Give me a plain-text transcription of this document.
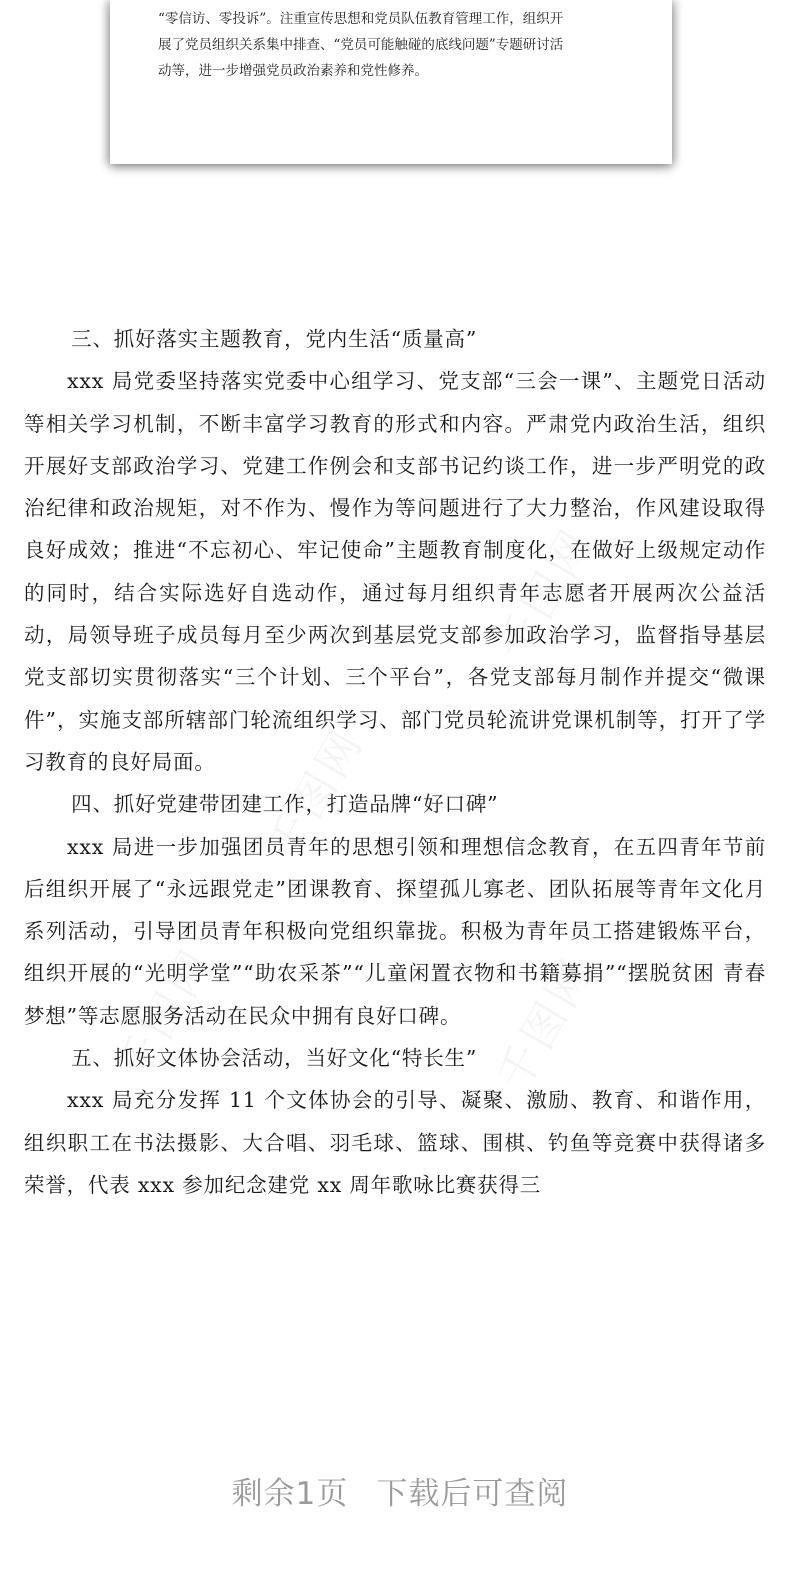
“零信访、零投诉”。注重宣传思想和党员队伍教育管理工作，组织开

展了党员组织关系集中排查、“党员可能触碰的底线问题”专题研讨活

动等，进一步增强党员政治素养和党性修养。

三、抓好落实主题教育，党内生活“质量高”

xxx 局党委坚持落实党委中心组学习、党支部“三会一课”、主题党日活动等相关学习机制，不断丰富学习教育的形式和内容。严肃党内政治生活，组织开展好支部政治学习、党建工作例会和支部书记约谈工作，进一步严明党的政治纪律和政治规矩，对不作为、慢作为等问题进行了大力整治，作风建设取得良好成效；推进“不忘初心、牢记使命”主题教育制度化，在做好上级规定动作的同时，结合实际选好自选动作，通过每月组织青年志愿者开展两次公益活动，局领导班子成员每月至少两次到基层党支部参加政治学习，监督指导基层党支部切实贯彻落实“三个计划、三个平台”，各党支部每月制作并提交“微课件”，实施支部所辖部门轮流组织学习、部门党员轮流讲党课机制等，打开了学习教育的良好局面。

四、抓好党建带团建工作，打造品牌“好口碑”

xxx 局进一步加强团员青年的思想引领和理想信念教育，在五四青年节前后组织开展了“永远跟党走”团课教育、探望孤儿寡老、团队拓展等青年文化月系列活动，引导团员青年积极向党组织靠拢。积极为青年员工搭建锻炼平台，组织开展的“光明学堂”“助农采茶”“儿童闲置衣物和书籍募捐”“摆脱贫困 青春梦想”等志愿服务活动在民众中拥有良好口碑。

五、抓好文体协会活动，当好文化“特长生”

xxx 局充分发挥 11 个文体协会的引导、凝聚、激励、教育、和谐作用，组织职工在书法摄影、大合唱、羽毛球、篮球、围棋、钓鱼等竞赛中获得诸多荣誉，代表 xxx 参加纪念建党 xx 周年歌咏比赛获得三

剩余1页 下载后可查阅
